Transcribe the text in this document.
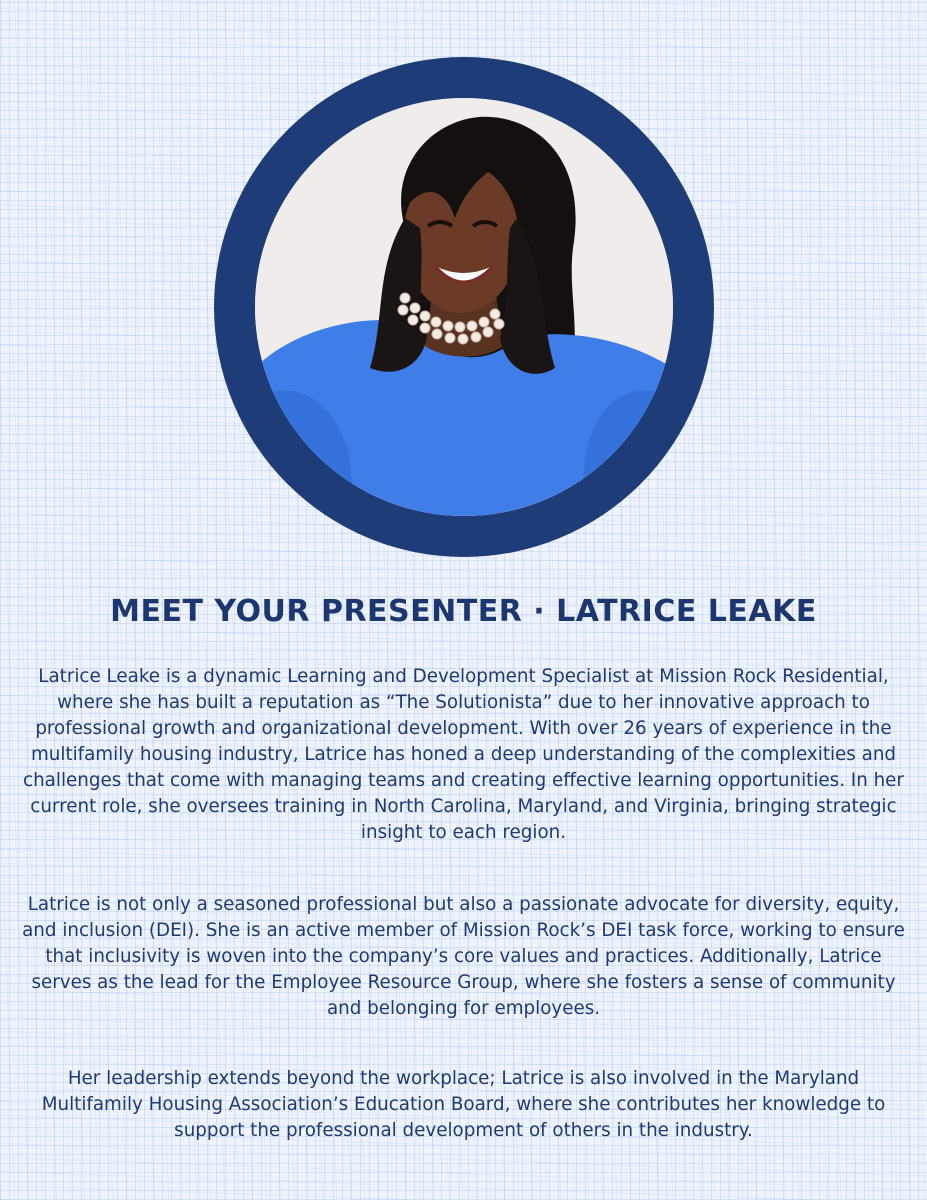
MEET YOUR PRESENTER · LATRICE LEAKE

Latrice Leake is a dynamic Learning and Development Specialist at Mission Rock Residential, where she has built a reputation as “The Solutionista” due to her innovative approach to professional growth and organizational development. With over 26 years of experience in the multifamily housing industry, Latrice has honed a deep understanding of the complexities and challenges that come with managing teams and creating effective learning opportunities. In her current role, she oversees training in North Carolina, Maryland, and Virginia, bringing strategic insight to each region.

Latrice is not only a seasoned professional but also a passionate advocate for diversity, equity, and inclusion (DEI). She is an active member of Mission Rock’s DEI task force, working to ensure that inclusivity is woven into the company’s core values and practices. Additionally, Latrice serves as the lead for the Employee Resource Group, where she fosters a sense of community and belonging for employees.

Her leadership extends beyond the workplace; Latrice is also involved in the Maryland Multifamily Housing Association’s Education Board, where she contributes her knowledge to support the professional development of others in the industry.
